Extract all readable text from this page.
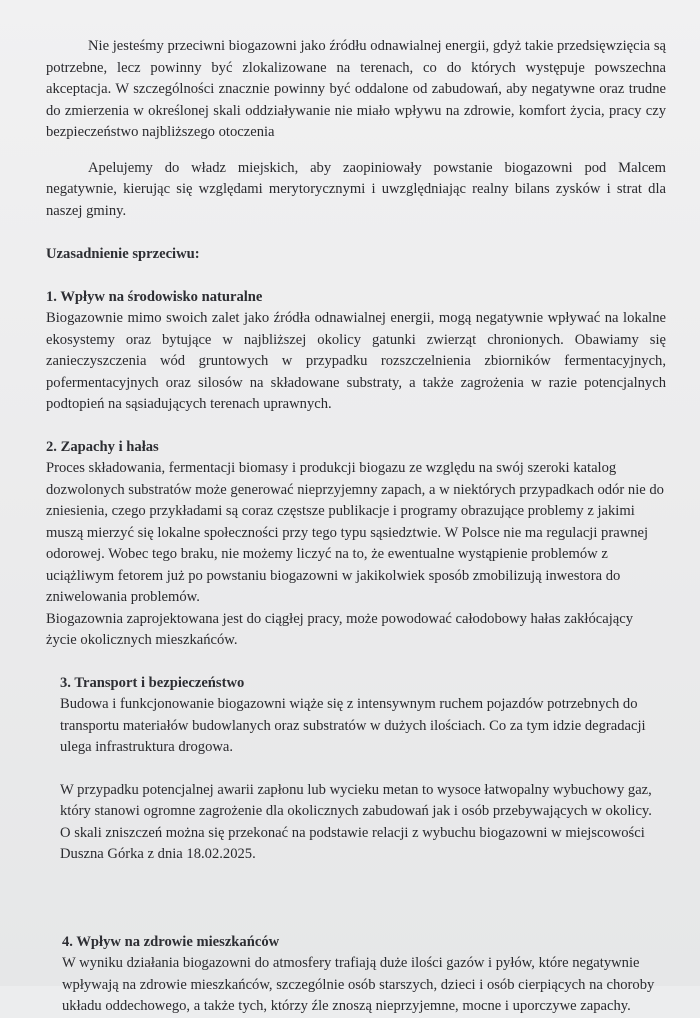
Nie jesteśmy przeciwni biogazowni jako źródłu odnawialnej energii, gdyż takie przedsięwzięcia są potrzebne, lecz powinny być zlokalizowane na terenach, co do których występuje powszechna akceptacja. W szczególności znacznie powinny być oddalone od zabudowań, aby negatywne oraz trudne do zmierzenia w określonej skali oddziaływanie nie miało wpływu na zdrowie, komfort życia, pracy czy bezpieczeństwo najbliższego otoczenia

Apelujemy do władz miejskich, aby zaopiniowały powstanie biogazowni pod Malcem negatywnie, kierując się względami merytorycznymi i uwzględniając realny bilans zysków i strat dla naszej gminy.

Uzasadnienie sprzeciwu:

1. Wpływ na środowisko naturalne

Biogazownie mimo swoich zalet jako źródła odnawialnej energii, mogą negatywnie wpływać na lokalne ekosystemy oraz bytujące w najbliższej okolicy gatunki zwierząt chronionych. Obawiamy się zanieczyszczenia wód gruntowych w przypadku rozszczelnienia zbiorników fermentacyjnych, pofermentacyjnych oraz silosów na składowane substraty, a także zagrożenia w razie potencjalnych podtopień na sąsiadujących terenach uprawnych.

2. Zapachy i hałas

Proces składowania, fermentacji biomasy i produkcji biogazu ze względu na swój szeroki katalog dozwolonych substratów może generować nieprzyjemny zapach, a w niektórych przypadkach odór nie do zniesienia, czego przykładami są coraz częstsze publikacje i programy obrazujące problemy z jakimi muszą mierzyć się lokalne społeczności przy tego typu sąsiedztwie. W Polsce nie ma regulacji prawnej odorowej. Wobec tego braku, nie możemy liczyć na to, że ewentualne wystąpienie problemów z uciążliwym fetorem już po powstaniu biogazowni w jakikolwiek sposób zmobilizują inwestora do zniwelowania problemów.

Biogazownia zaprojektowana jest do ciągłej pracy, może powodować całodobowy hałas zakłócający życie okolicznych mieszkańców.

3. Transport i bezpieczeństwo

Budowa i funkcjonowanie biogazowni wiąże się z intensywnym ruchem pojazdów potrzebnych do transportu materiałów budowlanych oraz substratów w dużych ilościach. Co za tym idzie degradacji ulega infrastruktura drogowa.

W przypadku potencjalnej awarii zapłonu lub wycieku metan to wysoce łatwopalny wybuchowy gaz, który stanowi ogromne zagrożenie dla okolicznych zabudowań jak i osób przebywających w okolicy. O skali zniszczeń można się przekonać na podstawie relacji z wybuchu biogazowni w miejscowości Duszna Górka z dnia 18.02.2025.

4. Wpływ na zdrowie mieszkańców

W wyniku działania biogazowni do atmosfery trafiają duże ilości gazów i pyłów, które negatywnie wpływają na zdrowie mieszkańców, szczególnie osób starszych, dzieci i osób cierpiących na choroby układu oddechowego, a także tych, którzy źle znoszą nieprzyjemne, mocne i uporczywe zapachy.
